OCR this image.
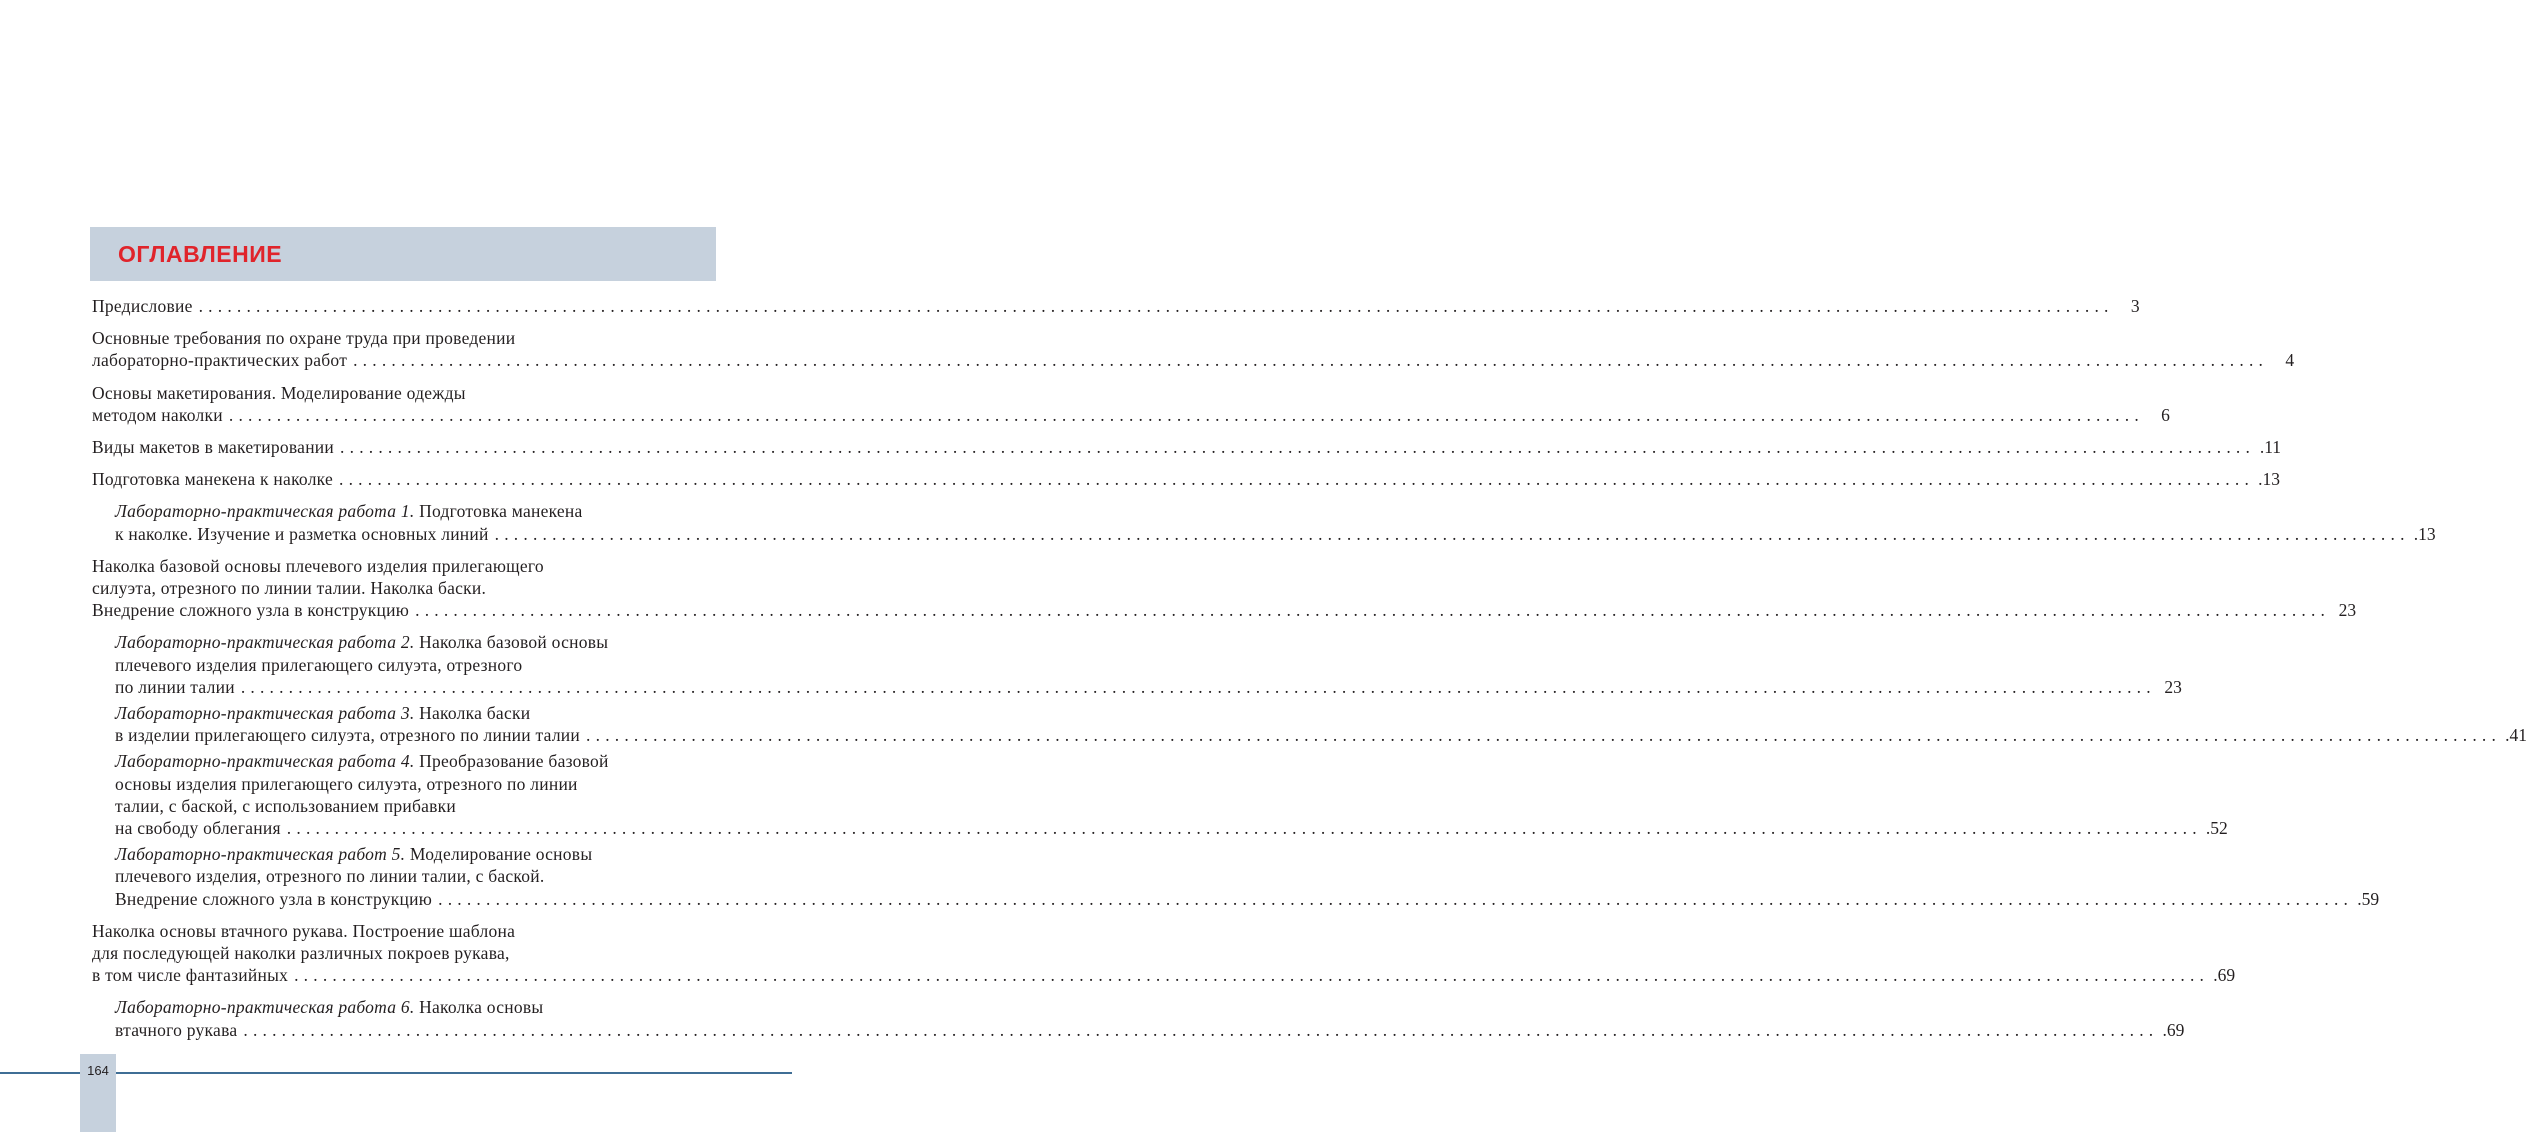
ОГЛАВЛЕНИЕ
Предисловие ........................................................................................................................................................................................................ 3
Основные требования по охране труда при проведении
лабораторно-практических работ ........................................................................................................................................................................................................ 4
Основы макетирования. Моделирование одежды
методом наколки ........................................................................................................................................................................................................ 6
Виды макетов в макетировании ........................................................................................................................................................................................................ .11
Подготовка манекена к наколке ........................................................................................................................................................................................................ .13
Лабораторно-практическая работа 1. Подготовка манекена
к наколке. Изучение и разметка основных линий ........................................................................................................................................................................................................ .13
Наколка базовой основы плечевого изделия прилегающего
силуэта, отрезного по линии талии. Наколка баски.
Внедрение сложного узла в конструкцию ........................................................................................................................................................................................................ 23
Лабораторно-практическая работа 2. Наколка базовой основы
плечевого изделия прилегающего силуэта, отрезного
по линии талии ........................................................................................................................................................................................................ 23
Лабораторно-практическая работа 3. Наколка баски
в изделии прилегающего силуэта, отрезного по линии талии ........................................................................................................................................................................................................ .41
Лабораторно-практическая работа 4. Преобразование базовой
основы изделия прилегающего силуэта, отрезного по линии
талии, с баской, с использованием прибавки
на свободу облегания ........................................................................................................................................................................................................ .52
Лабораторно-практическая работ 5. Моделирование основы
плечевого изделия, отрезного по линии талии, с баской.
Внедрение сложного узла в конструкцию ........................................................................................................................................................................................................ .59
Наколка основы втачного рукава. Построение шаблона
для последующей наколки различных покроев рукава,
в том числе фантазийных ........................................................................................................................................................................................................ .69
Лабораторно-практическая работа 6. Наколка основы
втачного рукава ........................................................................................................................................................................................................ .69
164
